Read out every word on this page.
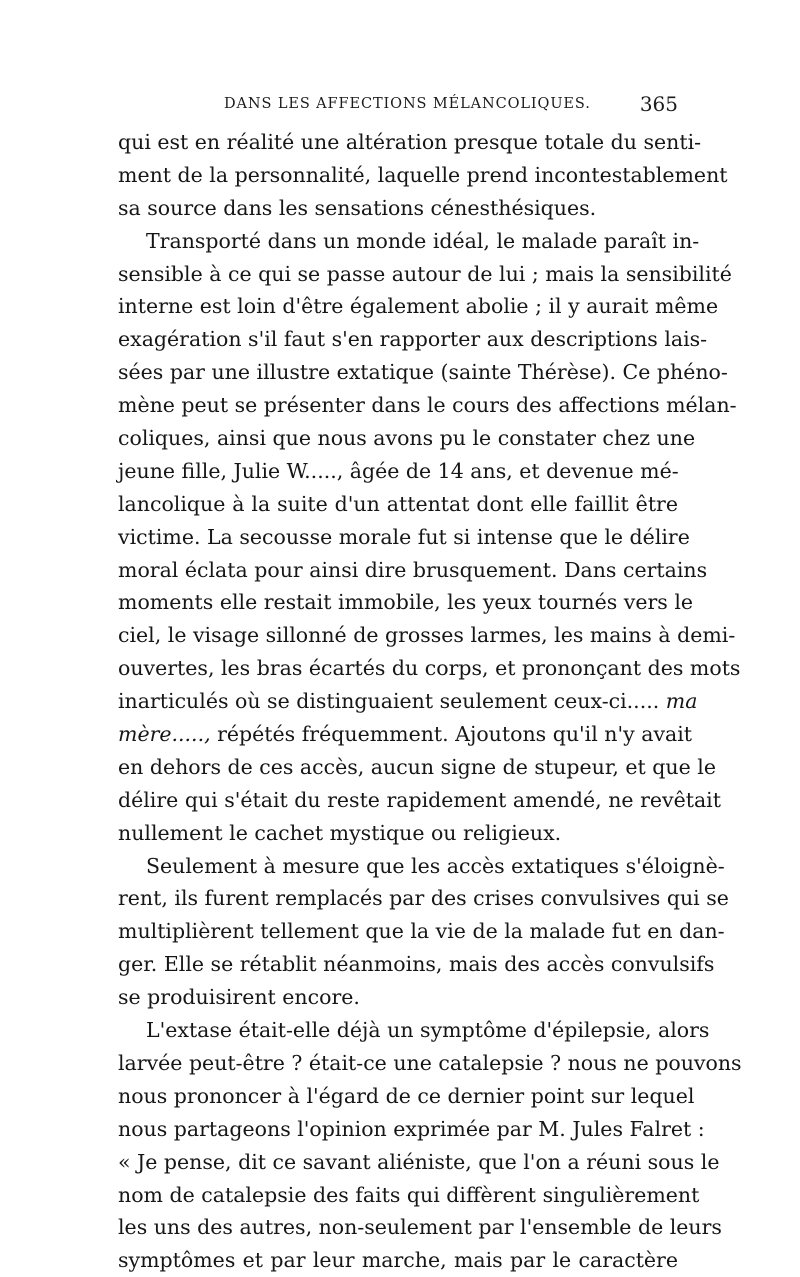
DANS LES AFFECTIONS MÉLANCOLIQUES. 365
qui est en réalité une altération presque totale du senti-
ment de la personnalité, laquelle prend incontestablement
sa source dans les sensations cénesthésiques.
Transporté dans un monde idéal, le malade paraît in-
sensible à ce qui se passe autour de lui ; mais la sensibilité
interne est loin d'être également abolie ; il y aurait même
exagération s'il faut s'en rapporter aux descriptions lais-
sées par une illustre extatique (sainte Thérèse). Ce phéno-
mène peut se présenter dans le cours des affections mélan-
coliques, ainsi que nous avons pu le constater chez une
jeune fille, Julie W....., âgée de 14 ans, et devenue mé-
lancolique à la suite d'un attentat dont elle faillit être
victime. La secousse morale fut si intense que le délire
moral éclata pour ainsi dire brusquement. Dans certains
moments elle restait immobile, les yeux tournés vers le
ciel, le visage sillonné de grosses larmes, les mains à demi-
ouvertes, les bras écartés du corps, et prononçant des mots
inarticulés où se distinguaient seulement ceux-ci..... ma
mère....., répétés fréquemment. Ajoutons qu'il n'y avait
en dehors de ces accès, aucun signe de stupeur, et que le
délire qui s'était du reste rapidement amendé, ne revêtait
nullement le cachet mystique ou religieux.
Seulement à mesure que les accès extatiques s'éloignè-
rent, ils furent remplacés par des crises convulsives qui se
multiplièrent tellement que la vie de la malade fut en dan-
ger. Elle se rétablit néanmoins, mais des accès convulsifs
se produisirent encore.
L'extase était-elle déjà un symptôme d'épilepsie, alors
larvée peut-être ? était-ce une catalepsie ? nous ne pouvons
nous prononcer à l'égard de ce dernier point sur lequel
nous partageons l'opinion exprimée par M. Jules Falret :
« Je pense, dit ce savant aliéniste, que l'on a réuni sous le
nom de catalepsie des faits qui diffèrent singulièrement
les uns des autres, non-seulement par l'ensemble de leurs
symptômes et par leur marche, mais par le caractère
